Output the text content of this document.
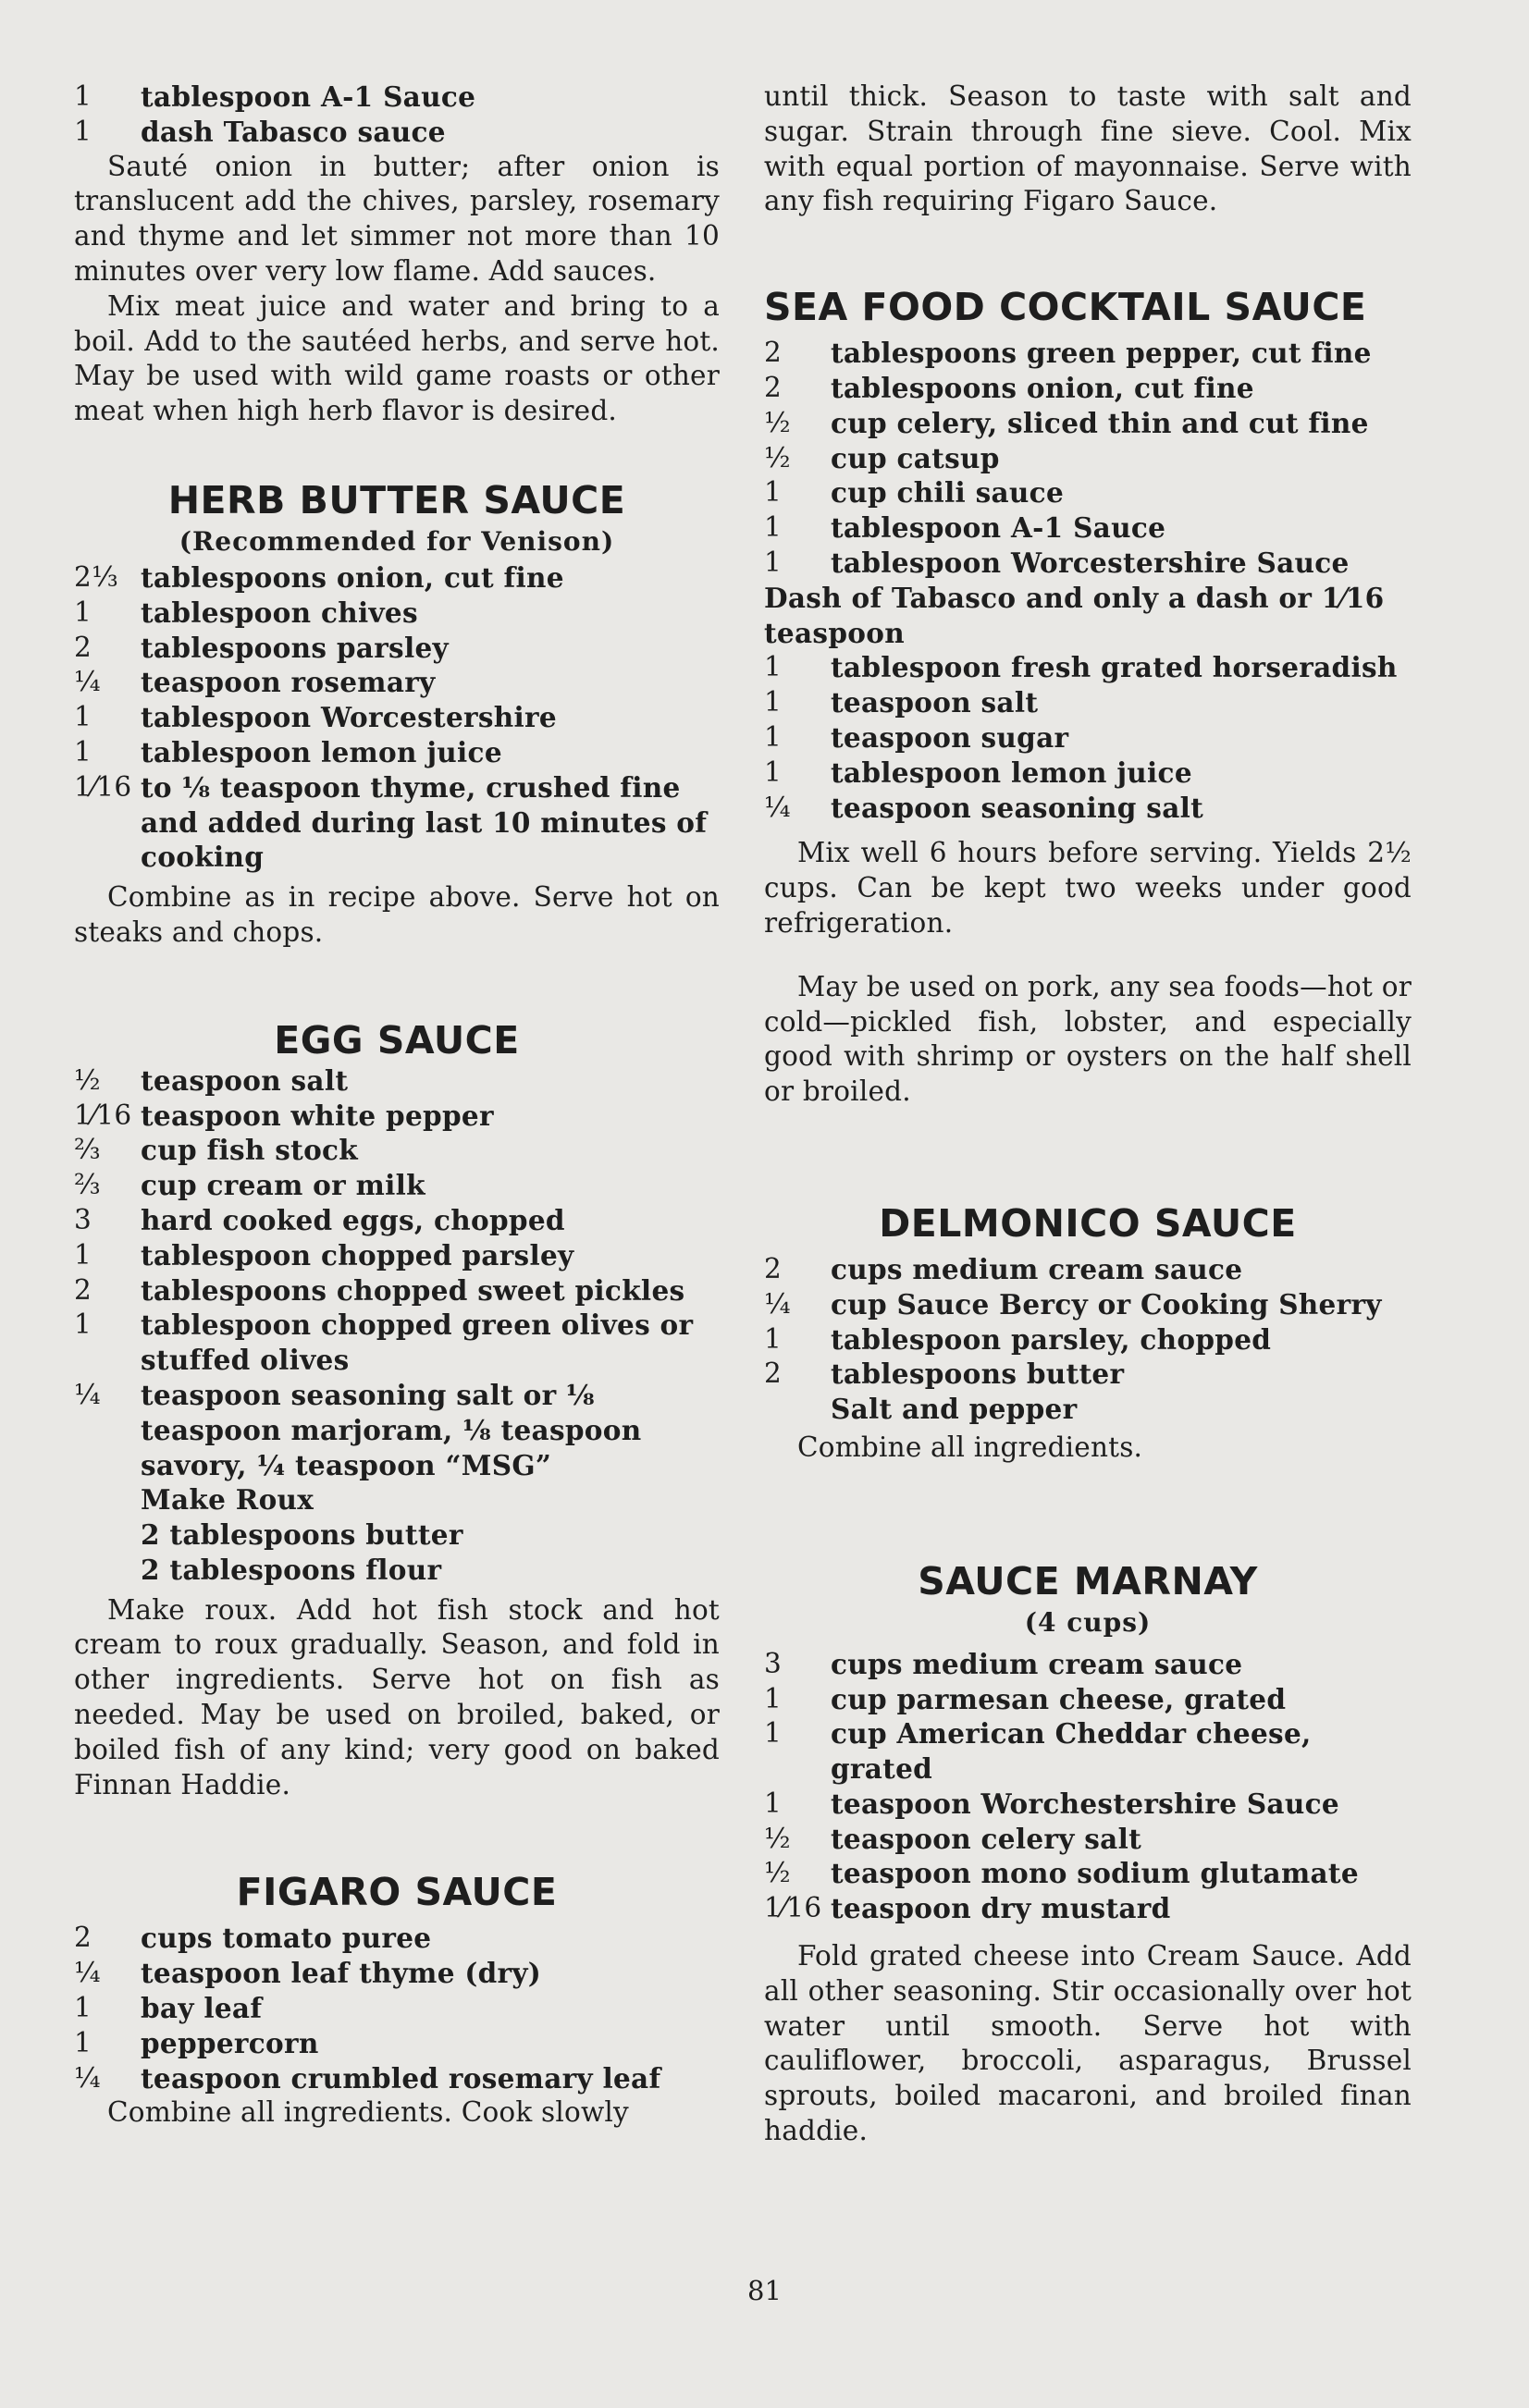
1	tablespoon A-1 Sauce
1	dash Tabasco sauce
Sauté onion in butter; after onion is translucent add the chives, parsley, rosemary and thyme and let simmer not more than 10 minutes over very low flame. Add sauces.
Mix meat juice and water and bring to a boil. Add to the sautéed herbs, and serve hot. May be used with wild game roasts or other meat when high herb flavor is desired.
HERB BUTTER SAUCE
(Recommended for Venison)
2⅓ tablespoons onion, cut fine
1	tablespoon chives
2	tablespoons parsley
¼	teaspoon rosemary
1	tablespoon Worcestershire
1	tablespoon lemon juice
1⁄16 to ⅛ teaspoon thyme, crushed fine and added during last 10 minutes of cooking
Combine as in recipe above. Serve hot on steaks and chops.
EGG SAUCE
½	teaspoon salt
1⁄16 teaspoon white pepper
⅔	cup fish stock
⅔	cup cream or milk
3	hard cooked eggs, chopped
1	tablespoon chopped parsley
2	tablespoons chopped sweet pickles
1	tablespoon chopped green olives or stuffed olives
¼	teaspoon seasoning salt or ⅛ teaspoon marjoram, ⅛ teaspoon savory, ¼ teaspoon “MSG”
Make Roux
2 tablespoons butter
2 tablespoons flour
Make roux. Add hot fish stock and hot cream to roux gradually. Season, and fold in other ingredients. Serve hot on fish as needed. May be used on broiled, baked, or boiled fish of any kind; very good on baked Finnan Haddie.
FIGARO SAUCE
2	cups tomato puree
¼	teaspoon leaf thyme (dry)
1	bay leaf
1	peppercorn
¼	teaspoon crumbled rosemary leaf
Combine all ingredients. Cook slowly
until thick. Season to taste with salt and sugar. Strain through fine sieve. Cool. Mix with equal portion of mayonnaise. Serve with any fish requiring Figaro Sauce.
SEA FOOD COCKTAIL SAUCE
2	tablespoons green pepper, cut fine
2	tablespoons onion, cut fine
½	cup celery, sliced thin and cut fine
½	cup catsup
1	cup chili sauce
1	tablespoon A-1 Sauce
1	tablespoon Worcestershire Sauce
Dash of Tabasco and only a dash or 1⁄16 teaspoon
1	tablespoon fresh grated horseradish
1	teaspoon salt
1	teaspoon sugar
1	tablespoon lemon juice
¼	teaspoon seasoning salt
Mix well 6 hours before serving. Yields 2½ cups. Can be kept two weeks under good refrigeration.
May be used on pork, any sea foods—hot or cold—pickled fish, lobster, and especially good with shrimp or oysters on the half shell or broiled.
DELMONICO SAUCE
2	cups medium cream sauce
¼	cup Sauce Bercy or Cooking Sherry
1	tablespoon parsley, chopped
2	tablespoons butter
Salt and pepper
Combine all ingredients.
SAUCE MARNAY
(4 cups)
3	cups medium cream sauce
1	cup parmesan cheese, grated
1	cup American Cheddar cheese, grated
1	teaspoon Worchestershire Sauce
½	teaspoon celery salt
½	teaspoon mono sodium glutamate
1⁄16 teaspoon dry mustard
Fold grated cheese into Cream Sauce. Add all other seasoning. Stir occasionally over hot water until smooth. Serve hot with cauliflower, broccoli, asparagus, Brussel sprouts, boiled macaroni, and broiled finan haddie.
81
